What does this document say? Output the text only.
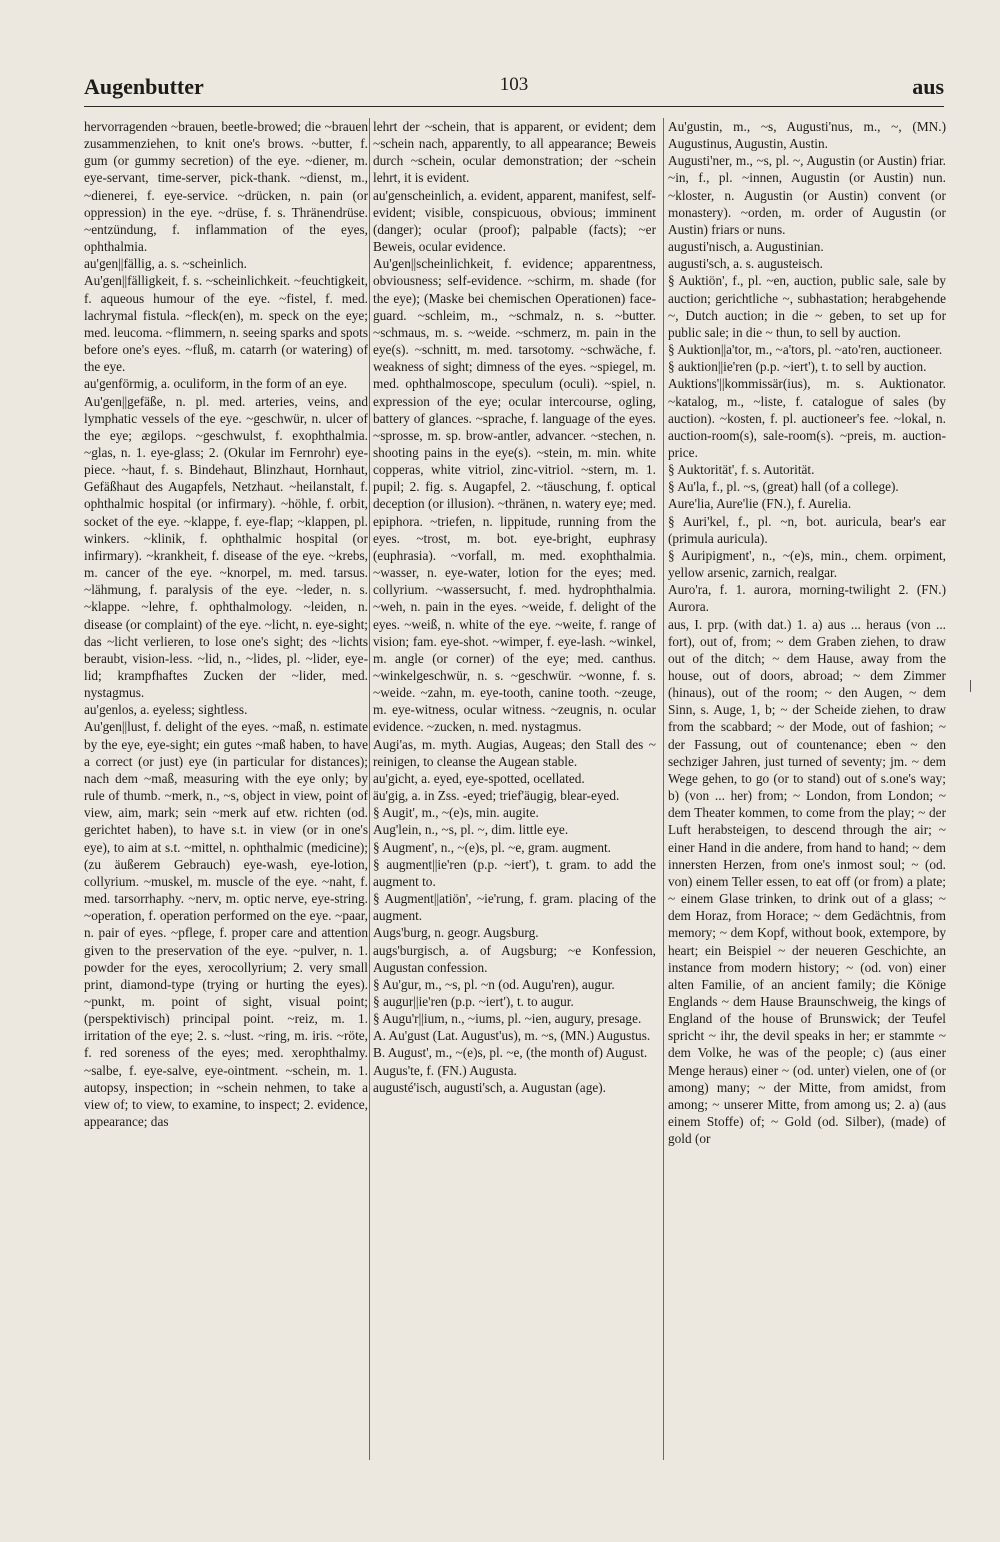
Augenbutter	103	aus

hervorragenden ~brauen, beetle-browed; die ~brauen zusammenziehen, to knit one's brows. ~butter, f. gum (or gummy secretion) of the eye. ~diener, m. eye-servant, time-server, pick-thank. ~dienst, m., ~dienerei, f. eye-service. ~drücken, n. pain (or oppression) in the eye. ~drüse, f. s. Thränendrüse. ~entzündung, f. inflammation of the eyes, ophthalmia.

au'gen||fällig, a. s. ~scheinlich.

Au'gen||fälligkeit, f. s. ~scheinlichkeit. ~feuchtigkeit, f. aqueous humour of the eye. ~fistel, f. med. lachrymal fistula. ~fleck(en), m. speck on the eye; med. leucoma. ~flimmern, n. seeing sparks and spots before one's eyes. ~fluß, m. catarrh (or watering) of the eye.

au'genförmig, a. oculiform, in the form of an eye.

Au'gen||gefäße, n. pl. med. arteries, veins, and lymphatic vessels of the eye. ~geschwür, n. ulcer of the eye; ægilops. ~geschwulst, f. exophthalmia. ~glas, n. 1. eye-glass; 2. (Okular im Fernrohr) eye-piece. ~haut, f. s. Bindehaut, Blinzhaut, Hornhaut, Gefäßhaut des Augapfels, Netzhaut. ~heilanstalt, f. ophthalmic hospital (or infirmary). ~höhle, f. orbit, socket of the eye. ~klappe, f. eye-flap; ~klappen, pl. winkers. ~klinik, f. ophthalmic hospital (or infirmary). ~krankheit, f. disease of the eye. ~krebs, m. cancer of the eye. ~knorpel, m. med. tarsus. ~lähmung, f. paralysis of the eye. ~leder, n. s. ~klappe. ~lehre, f. ophthalmology. ~leiden, n. disease (or complaint) of the eye. ~licht, n. eye-sight; das ~licht verlieren, to lose one's sight; des ~lichts beraubt, vision-less. ~lid, n., ~lides, pl. ~lider, eye-lid; krampfhaftes Zucken der ~lider, med. nystagmus.

au'genlos, a. eyeless; sightless.

Au'gen||lust, f. delight of the eyes. ~maß, n. estimate by the eye, eye-sight; ein gutes ~maß haben, to have a correct (or just) eye (in particular for distances); nach dem ~maß, measuring with the eye only; by rule of thumb. ~merk, n., ~s, object in view, point of view, aim, mark; sein ~merk auf etw. richten (od. gerichtet haben), to have s.t. in view (or in one's eye), to aim at s.t. ~mittel, n. ophthalmic (medicine); (zu äußerem Gebrauch) eye-wash, eye-lotion, collyrium. ~muskel, m. muscle of the eye. ~naht, f. med. tarsorrhaphy. ~nerv, m. optic nerve, eye-string. ~operation, f. operation performed on the eye. ~paar, n. pair of eyes. ~pflege, f. proper care and attention given to the preservation of the eye. ~pulver, n. 1. powder for the eyes, xerocollyrium; 2. very small print, diamond-type (trying or hurting the eyes). ~punkt, m. point of sight, visual point; (perspektivisch) principal point. ~reiz, m. 1. irritation of the eye; 2. s. ~lust. ~ring, m. iris. ~röte, f. red soreness of the eyes; med. xerophthalmy. ~salbe, f. eye-salve, eye-ointment. ~schein, m. 1. autopsy, inspection; in ~schein nehmen, to take a view of; to view, to examine, to inspect; 2. evidence, appearance; das

lehrt der ~schein, that is apparent, or evident; dem ~schein nach, apparently, to all appearance; Beweis durch ~schein, ocular demonstration; der ~schein lehrt, it is evident.

au'genscheinlich, a. evident, apparent, manifest, self-evident; visible, conspicuous, obvious; imminent (danger); ocular (proof); palpable (facts); ~er Beweis, ocular evidence.

Au'gen||scheinlichkeit, f. evidence; apparentness, obviousness; self-evidence. ~schirm, m. shade (for the eye); (Maske bei chemischen Operationen) face-guard. ~schleim, m., ~schmalz, n. s. ~butter. ~schmaus, m. s. ~weide. ~schmerz, m. pain in the eye(s). ~schnitt, m. med. tarsotomy. ~schwäche, f. weakness of sight; dimness of the eyes. ~spiegel, m. med. ophthalmoscope, speculum (oculi). ~spiel, n. expression of the eye; ocular intercourse, ogling, battery of glances. ~sprache, f. language of the eyes. ~sprosse, m. sp. brow-antler, advancer. ~stechen, n. shooting pains in the eye(s). ~stein, m. min. white copperas, white vitriol, zinc-vitriol. ~stern, m. 1. pupil; 2. fig. s. Augapfel, 2. ~täuschung, f. optical deception (or illusion). ~thränen, n. watery eye; med. epiphora. ~triefen, n. lippitude, running from the eyes. ~trost, m. bot. eye-bright, euphrasy (euphrasia). ~vorfall, m. med. exophthalmia. ~wasser, n. eye-water, lotion for the eyes; med. collyrium. ~wassersucht, f. med. hydrophthalmia. ~weh, n. pain in the eyes. ~weide, f. delight of the eyes. ~weiß, n. white of the eye. ~weite, f. range of vision; fam. eye-shot. ~wimper, f. eye-lash. ~winkel, m. angle (or corner) of the eye; med. canthus. ~winkelgeschwür, n. s. ~geschwür. ~wonne, f. s. ~weide. ~zahn, m. eye-tooth, canine tooth. ~zeuge, m. eye-witness, ocular witness. ~zeugnis, n. ocular evidence. ~zucken, n. med. nystagmus.

Augi'as, m. myth. Augias, Augeas; den Stall des ~ reinigen, to cleanse the Augean stable.

au'gicht, a. eyed, eye-spotted, ocellated.

äu'gig, a. in Zss. -eyed; trief'äugig, blear-eyed.

§ Augit', m., ~(e)s, min. augite.

Aug'lein, n., ~s, pl. ~, dim. little eye.

§ Augment', n., ~(e)s, pl. ~e, gram. augment.

§ augment||ie'ren (p.p. ~iert'), t. gram. to add the augment to.

§ Augment||atiön', ~ie'rung, f. gram. placing of the augment.

Augs'burg, n. geogr. Augsburg.

augs'burgisch, a. of Augsburg; ~e Konfession, Augustan confession.

§ Au'gur, m., ~s, pl. ~n (od. Augu'ren), augur.

§ augur||ie'ren (p.p. ~iert'), t. to augur.

§ Augu'r||ium, n., ~iums, pl. ~ien, augury, presage.

A. Au'gust (Lat. August'us), m. ~s, (MN.) Augustus.

B. August', m., ~(e)s, pl. ~e, (the month of) August.

Augus'te, f. (FN.) Augusta.

augusté'isch, augusti'sch, a. Augustan (age).

Au'gustin, m., ~s, Augusti'nus, m., ~, (MN.) Augustinus, Augustin, Austin.

Augusti'ner, m., ~s, pl. ~, Augustin (or Austin) friar. ~in, f., pl. ~innen, Augustin (or Austin) nun. ~kloster, n. Augustin (or Austin) convent (or monastery). ~orden, m. order of Augustin (or Austin) friars or nuns.

augusti'nisch, a. Augustinian.

augusti'sch, a. s. augusteisch.

§ Auktiön', f., pl. ~en, auction, public sale, sale by auction; gerichtliche ~, subhastation; herabgehende ~, Dutch auction; in die ~ geben, to set up for public sale; in die ~ thun, to sell by auction.

§ Auktion||a'tor, m., ~a'tors, pl. ~ato'ren, auctioneer.

§ auktion||ie'ren (p.p. ~iert'), t. to sell by auction.

Auktions'||kommissär(ius), m. s. Auktionator. ~katalog, m., ~liste, f. catalogue of sales (by auction). ~kosten, f. pl. auctioneer's fee. ~lokal, n. auction-room(s), sale-room(s). ~preis, m. auction-price.

§ Auktorität', f. s. Autorität.

§ Au'la, f., pl. ~s, (great) hall (of a college).

Aure'lia, Aure'lie (FN.), f. Aurelia.

§ Auri'kel, f., pl. ~n, bot. auricula, bear's ear (primula auricula).

§ Auripigment', n., ~(e)s, min., chem. orpiment, yellow arsenic, zarnich, realgar.

Auro'ra, f. 1. aurora, morning-twilight 2. (FN.) Aurora.

aus, I. prp. (with dat.) 1. a) aus ... heraus (von ... fort), out of, from; ~ dem Graben ziehen, to draw out of the ditch; ~ dem Hause, away from the house, out of doors, abroad; ~ dem Zimmer (hinaus), out of the room; ~ den Augen, ~ dem Sinn, s. Auge, 1, b; ~ der Scheide ziehen, to draw from the scabbard; ~ der Mode, out of fashion; ~ der Fassung, out of countenance; eben ~ den sechziger Jahren, just turned of seventy; jm. ~ dem Wege gehen, to go (or to stand) out of s.one's way; b) (von ... her) from; ~ London, from London; ~ dem Theater kommen, to come from the play; ~ der Luft herabsteigen, to descend through the air; ~ einer Hand in die andere, from hand to hand; ~ dem innersten Herzen, from one's inmost soul; ~ (od. von) einem Teller essen, to eat off (or from) a plate; ~ einem Glase trinken, to drink out of a glass; ~ dem Horaz, from Horace; ~ dem Gedächtnis, from memory; ~ dem Kopf, without book, extempore, by heart; ein Beispiel ~ der neueren Geschichte, an instance from modern history; ~ (od. von) einer alten Familie, of an ancient family; die Könige Englands ~ dem Hause Braunschweig, the kings of England of the house of Brunswick; der Teufel spricht ~ ihr, the devil speaks in her; er stammte ~ dem Volke, he was of the people; c) (aus einer Menge heraus) einer ~ (od. unter) vielen, one of (or among) many; ~ der Mitte, from amidst, from among; ~ unserer Mitte, from among us; 2. a) (aus einem Stoffe) of; ~ Gold (od. Silber), (made) of gold (or
